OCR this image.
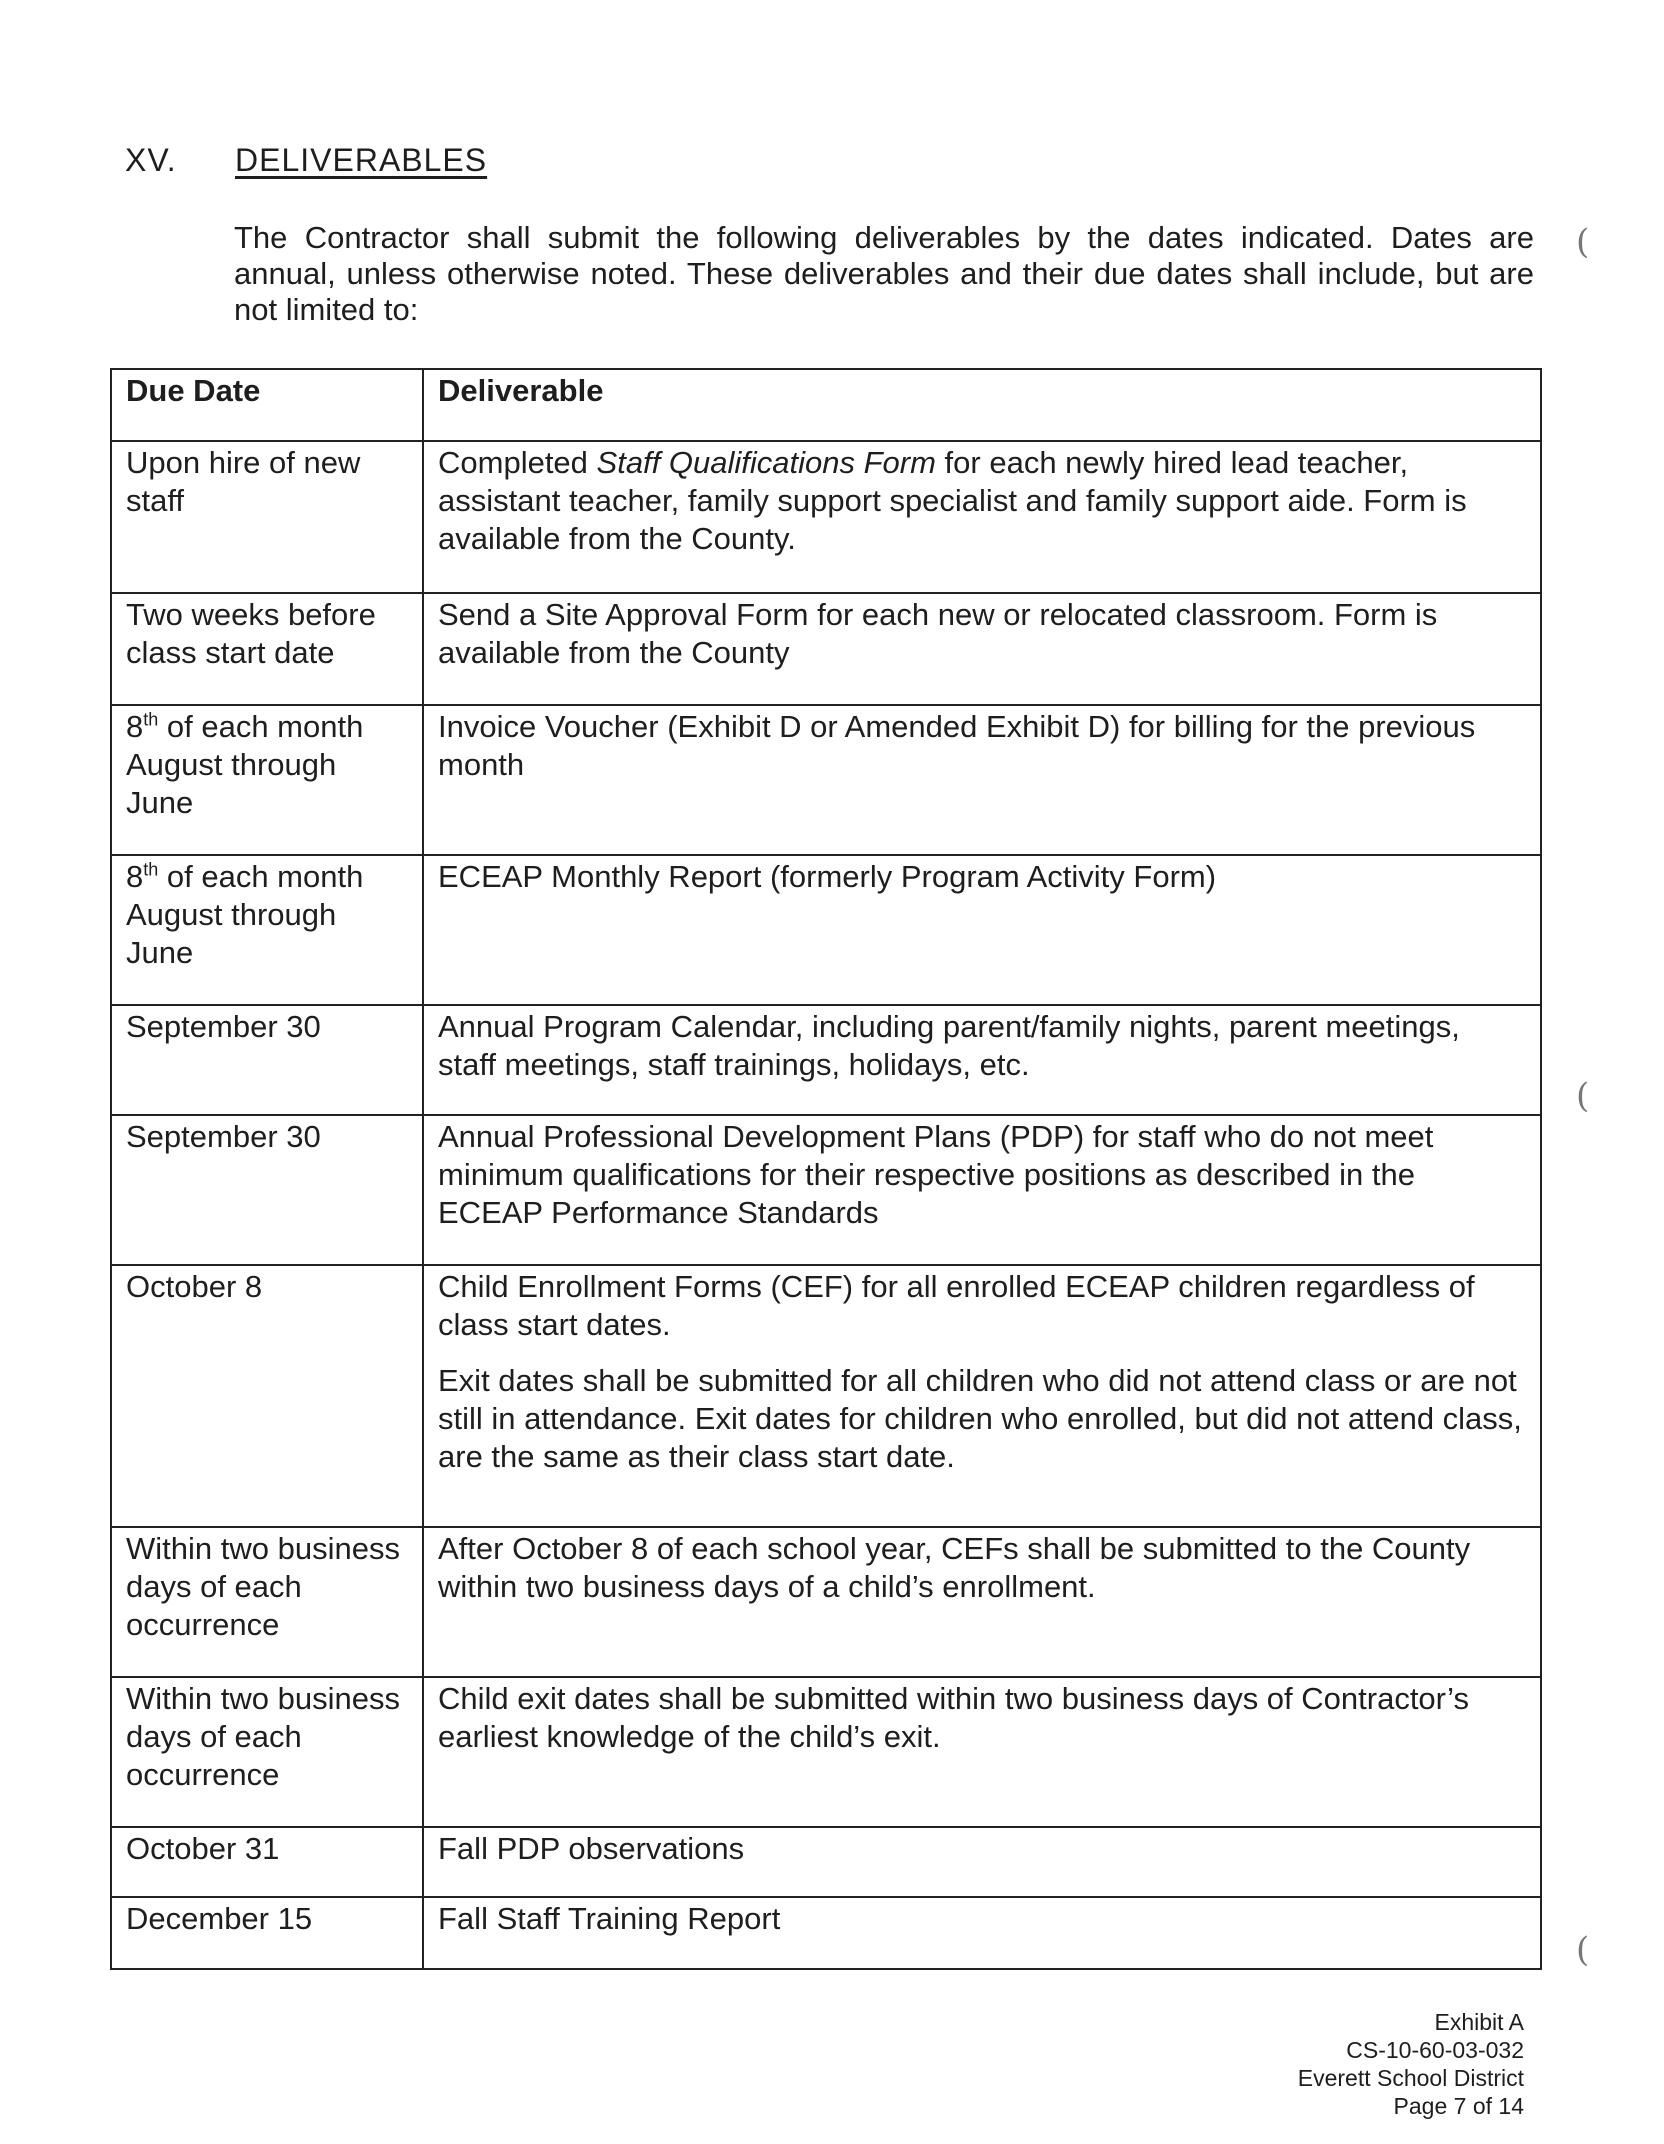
XV. DELIVERABLES
The Contractor shall submit the following deliverables by the dates indicated. Dates are annual, unless otherwise noted. These deliverables and their due dates shall include, but are not limited to:
Due Date	Deliverable
Upon hire of new staff	Completed Staff Qualifications Form for each newly hired lead teacher, assistant teacher, family support specialist and family support aide. Form is available from the County.
Two weeks before class start date	Send a Site Approval Form for each new or relocated classroom. Form is available from the County
8th of each month August through June	Invoice Voucher (Exhibit D or Amended Exhibit D) for billing for the previous month
8th of each month August through June	ECEAP Monthly Report (formerly Program Activity Form)
September 30	Annual Program Calendar, including parent/family nights, parent meetings, staff meetings, staff trainings, holidays, etc.
September 30	Annual Professional Development Plans (PDP) for staff who do not meet minimum qualifications for their respective positions as described in the ECEAP Performance Standards
October 8	Child Enrollment Forms (CEF) for all enrolled ECEAP children regardless of class start dates.
Exit dates shall be submitted for all children who did not attend class or are not still in attendance. Exit dates for children who enrolled, but did not attend class, are the same as their class start date.

Within two business days of each occurrence	After October 8 of each school year, CEFs shall be submitted to the County within two business days of a child’s enrollment.
Within two business days of each occurrence	Child exit dates shall be submitted within two business days of Contractor’s earliest knowledge of the child’s exit.
October 31	Fall PDP observations
December 15	Fall Staff Training Report
(
(
(
Exhibit A
CS-10-60-03-032
Everett School District
Page 7 of 14
